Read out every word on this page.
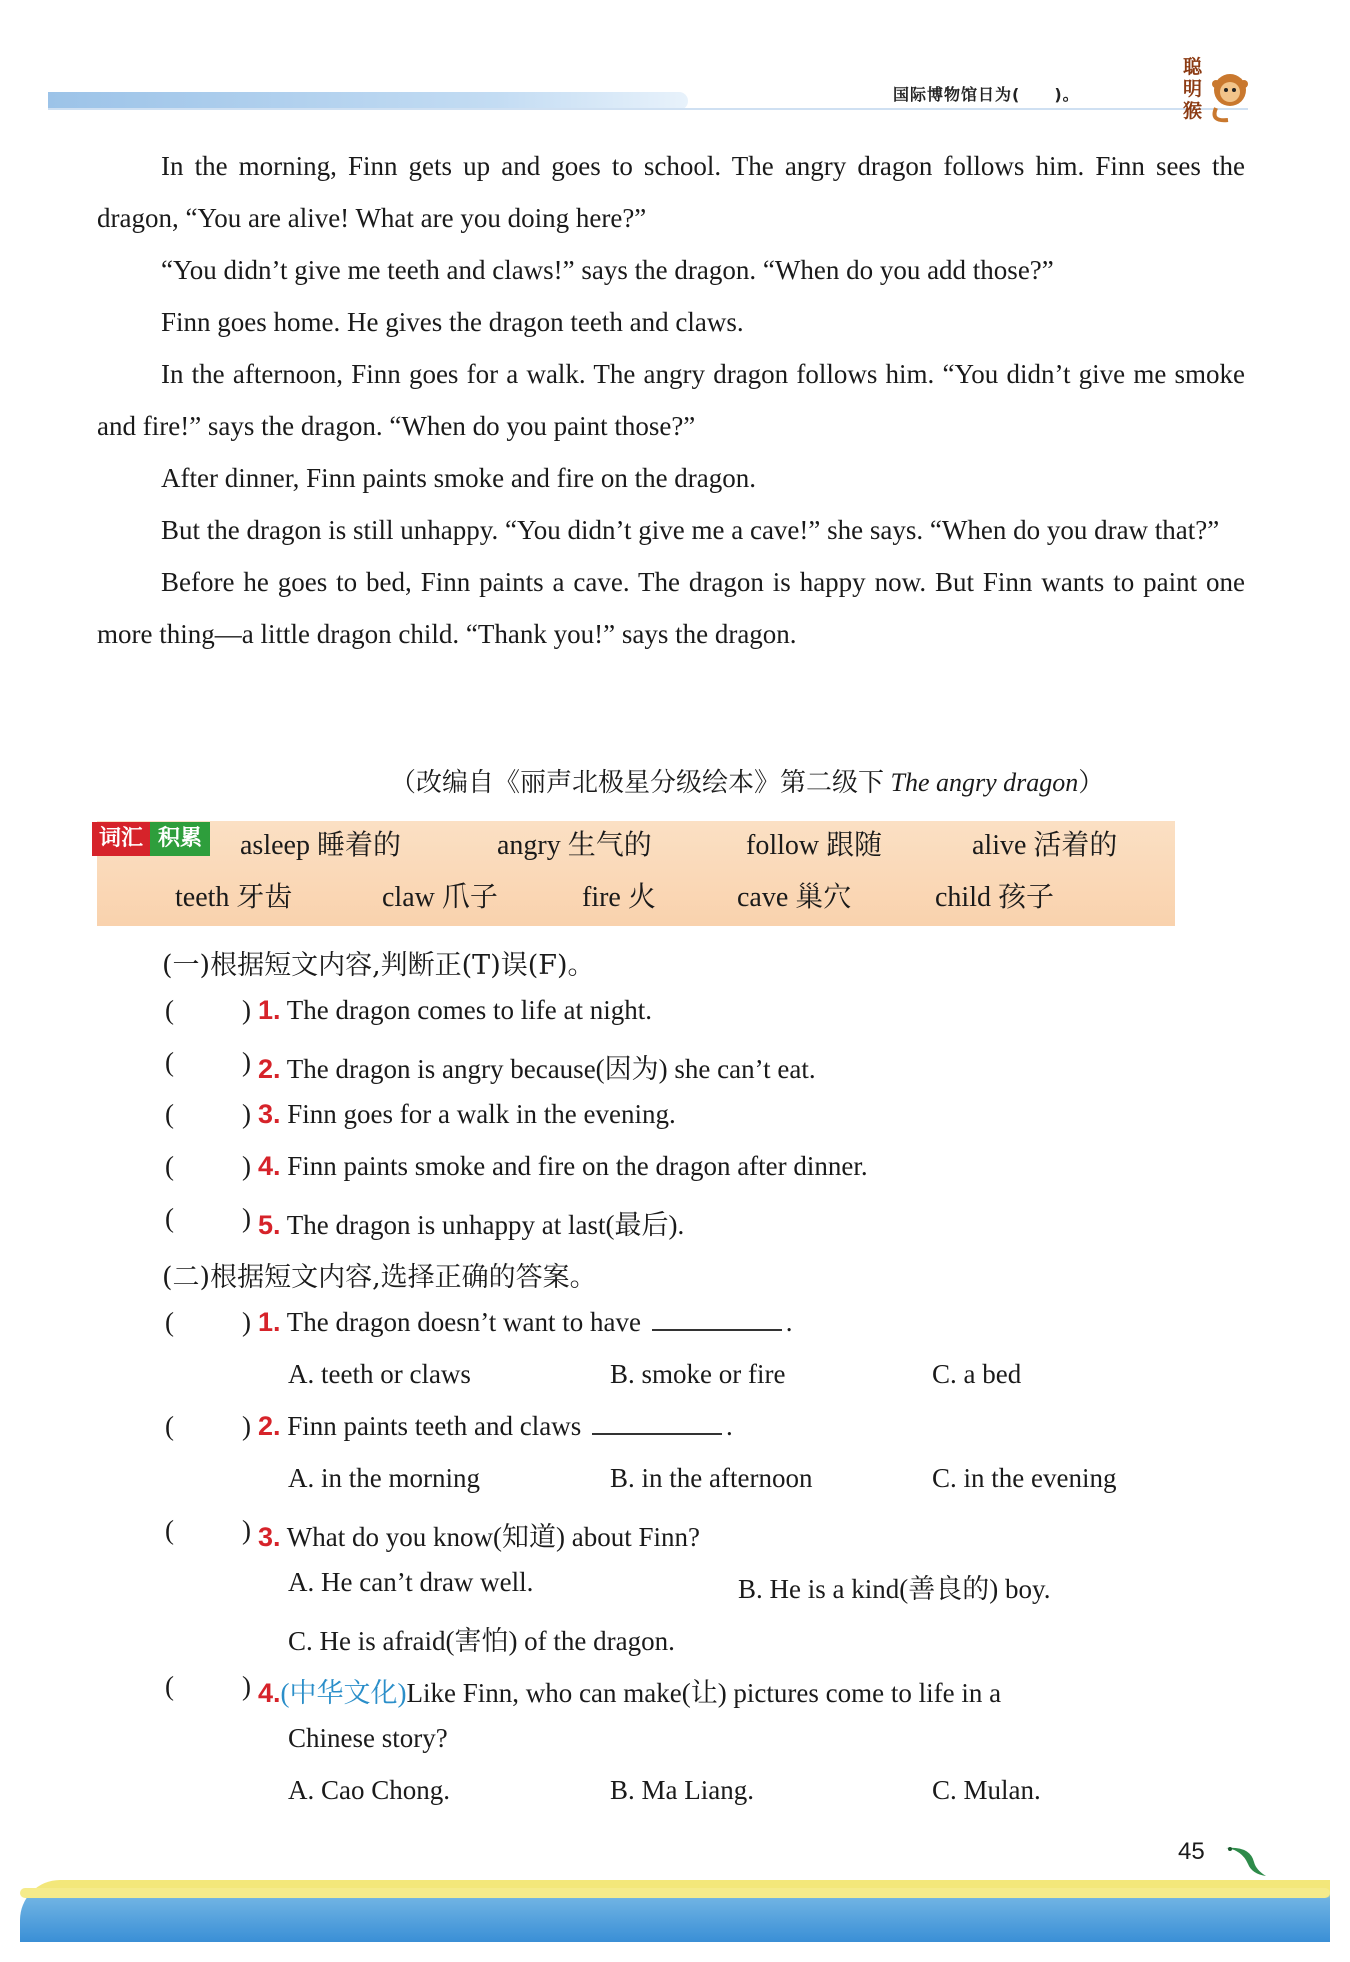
国际博物馆日为(　　)。
聪明猴

In the morning, Finn gets up and goes to school. The angry dragon follows him. Finn sees the dragon, “You are alive! What are you doing here?”

“You didn’t give me teeth and claws!” says the dragon. “When do you add those?”

Finn goes home. He gives the dragon teeth and claws.

In the afternoon, Finn goes for a walk. The angry dragon follows him. “You didn’t give me smoke and fire!” says the dragon. “When do you paint those?”

After dinner, Finn paints smoke and fire on the dragon.

But the dragon is still unhappy. “You didn’t give me a cave!” she says. “When do you draw that?”

Before he goes to bed, Finn paints a cave. The dragon is happy now. But Finn wants to paint one more thing—a little dragon child. “Thank you!” says the dragon.

（改编自《丽声北极星分级绘本》第二级下 The angry dragon）
词汇 积累 asleep 睡着的	angry 生气的	follow 跟随	alive 活着的
teeth 牙齿	claw 爪子	fire 火	cave 巢穴	child 孩子
(一)根据短文内容,判断正(T)误(F)。
(	) 1. The dragon comes to life at night.
(	) 2. The dragon is angry because(因为) she can’t eat.
(	) 3. Finn goes for a walk in the evening.
(	) 4. Finn paints smoke and fire on the dragon after dinner.
(	) 5. The dragon is unhappy at last(最后).
(二)根据短文内容,选择正确的答案。
(	) 1. The dragon doesn’t want to have	.
A. teeth or claws	B. smoke or fire	C. a bed
(	) 2. Finn paints teeth and claws	.
A. in the morning	B. in the afternoon	C. in the evening
(	) 3. What do you know(知道) about Finn?
A. He can’t draw well.	B. He is a kind(善良的) boy.
C. He is afraid(害怕) of the dragon.
(	) 4.(中华文化)Like Finn, who can make(让) pictures come to life in a
Chinese story?
A. Cao Chong.	B. Ma Liang.	C. Mulan.
45
